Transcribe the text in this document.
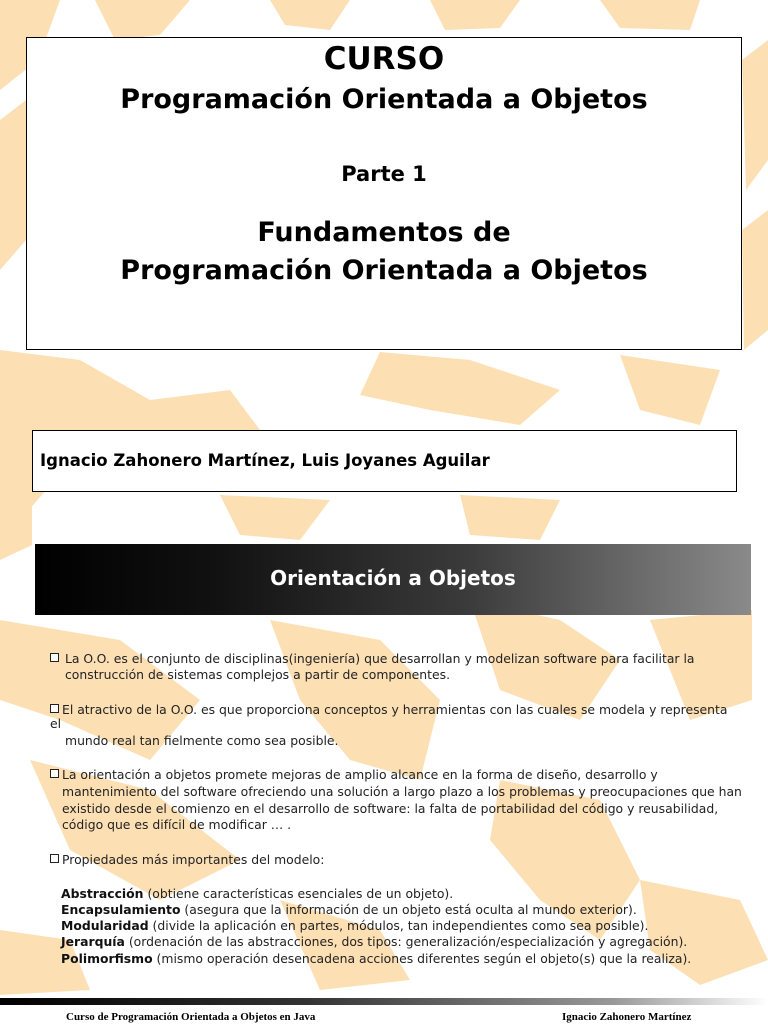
CURSO
Programación Orientada a Objetos
Parte 1
Fundamentos de
Programación Orientada a Objetos
Ignacio Zahonero Martínez, Luis Joyanes Aguilar
Orientación a Objetos
La O.O. es el conjunto de disciplinas(ingeniería) que desarrollan y modelizan software para facilitar la
construcción de sistemas complejos a partir de componentes.
El atractivo de la O.O. es que proporciona conceptos y herramientas con las cuales se modela y representa
el
mundo real tan fielmente como sea posible.
La orientación a objetos promete mejoras de amplio alcance en la forma de diseño, desarrollo y
mantenimiento del software ofreciendo una solución a largo plazo a los problemas y preocupaciones que han
existido desde el comienzo en el desarrollo de software: la falta de portabilidad del código y reusabilidad,
código que es difícil de modificar … .
Propiedades más importantes del modelo:
Abstracción (obtiene características esenciales de un objeto).
Encapsulamiento (asegura que la información de un objeto está oculta al mundo exterior).
Modularidad (divide la aplicación en partes, módulos, tan independientes como sea posible).
Jerarquía (ordenación de las abstracciones, dos tipos: generalización/especialización y agregación).
Polimorfismo (mismo operación desencadena acciones diferentes según el objeto(s) que la realiza).
Curso de Programación Orientada a Objetos en Java	Ignacio Zahonero Martínez
